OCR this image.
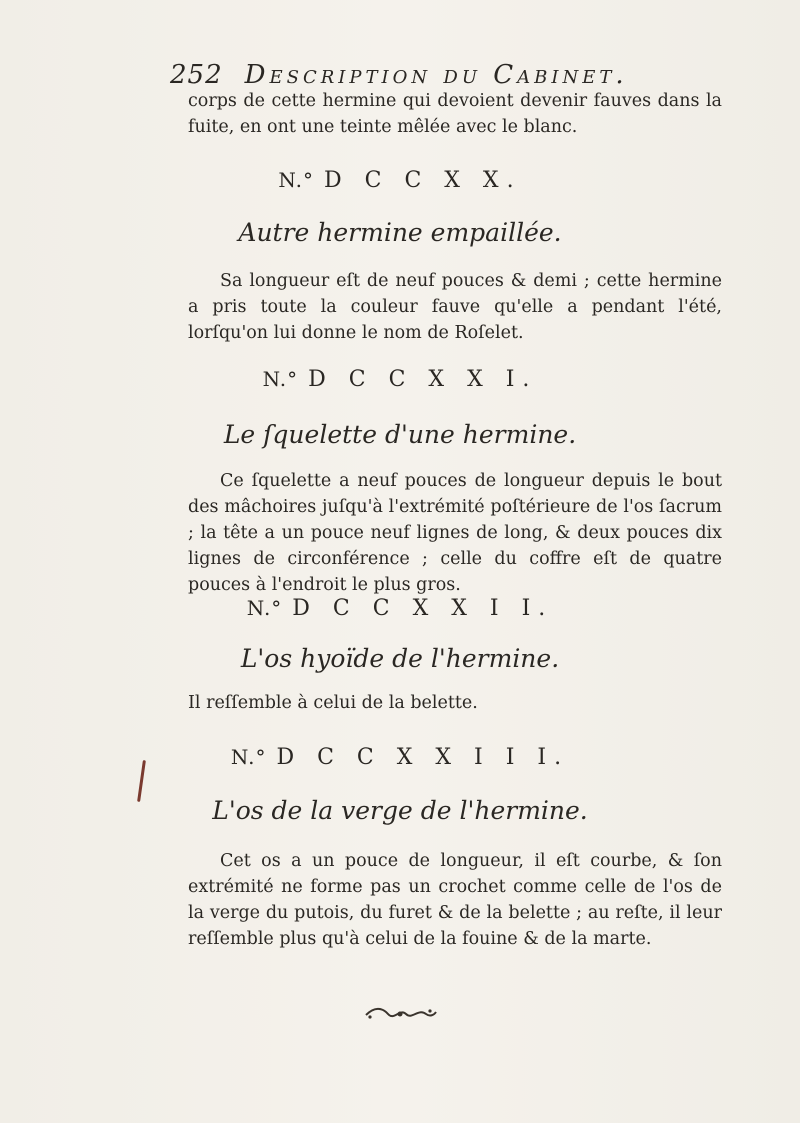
252 Description du Cabinet.

corps de cette hermine qui devoient devenir fauves dans la fuite, en ont une teinte mêlée avec le blanc.

N.° D C C X X.
Autre hermine empaillée.

Sa longueur eſt de neuf pouces & demi ; cette hermine a pris toute la couleur fauve qu'elle a pendant l'été, lorſqu'on lui donne le nom de Roſelet.

N.° D C C X X I.
Le ſquelette d'une hermine.

Ce ſquelette a neuf pouces de longueur depuis le bout des mâchoires juſqu'à l'extrémité poſtérieure de l'os ſacrum ; la tête a un pouce neuf lignes de long, & deux pouces dix lignes de circonférence ; celle du coffre eſt de quatre pouces à l'endroit le plus gros.

N.° D C C X X I I.
L'os hyoïde de l'hermine.

Il reſſemble à celui de la belette.

N.° D C C X X I I I.
L'os de la verge de l'hermine.

Cet os a un pouce de longueur, il eſt courbe, & ſon extrémité ne forme pas un crochet comme celle de l'os de la verge du putois, du furet & de la belette ; au reſte, il leur reſſemble plus qu'à celui de la fouine & de la marte.
